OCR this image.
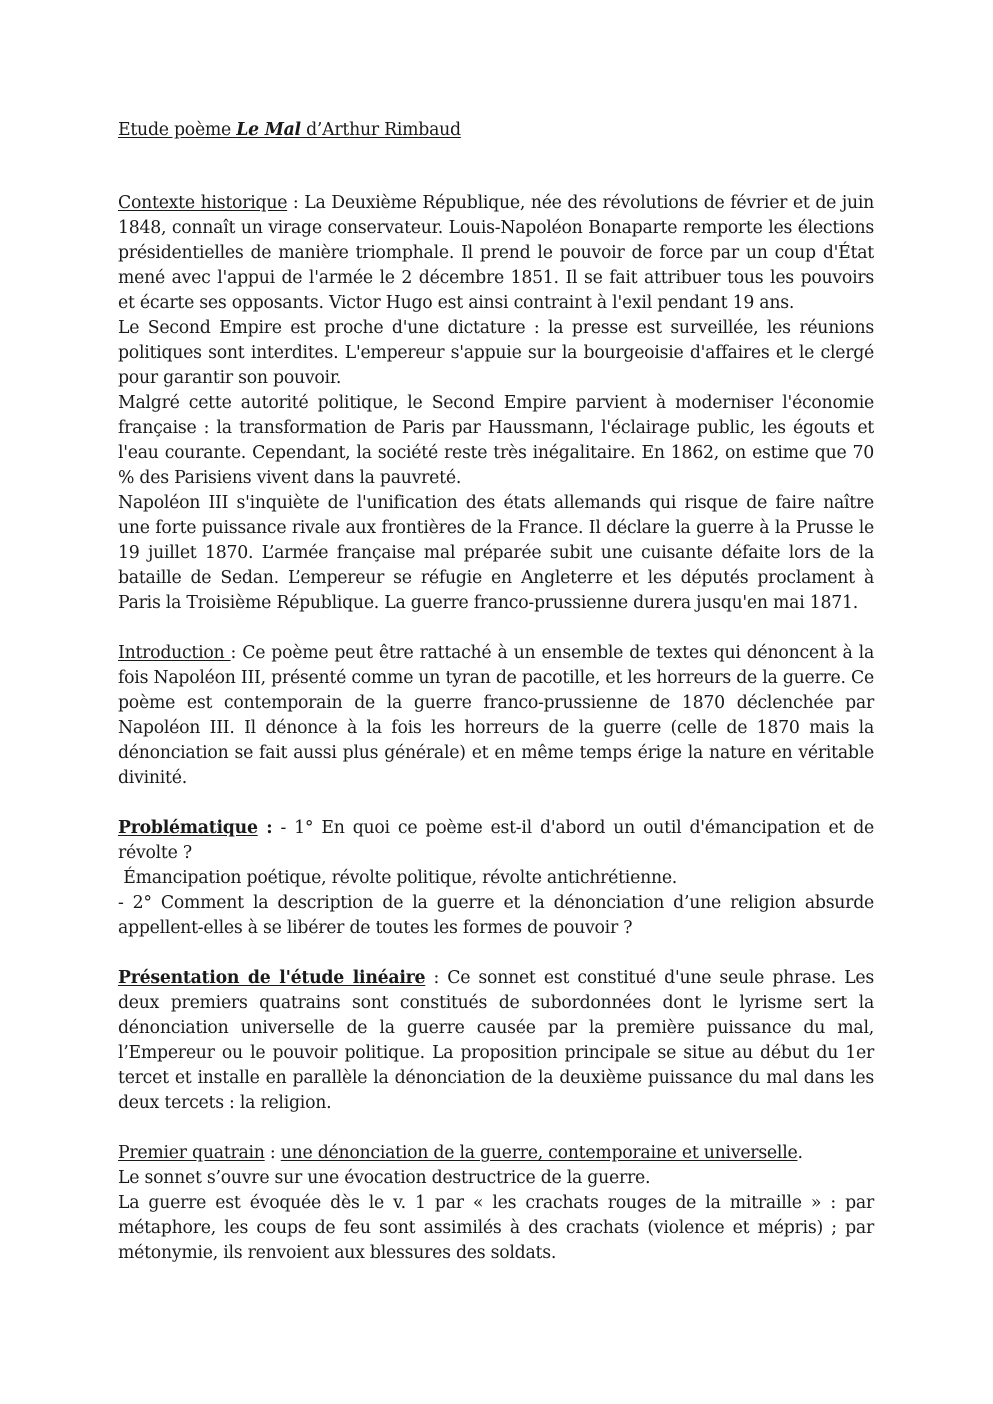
Etude poème Le Mal d’Arthur Rimbaud

Contexte historique : La Deuxième République, née des révolutions de février et de juin 1848, connaît un virage conservateur. Louis-Napoléon Bonaparte remporte les élections présidentielles de manière triomphale. Il prend le pouvoir de force par un coup d'État mené avec l'appui de l'armée le 2 décembre 1851. Il se fait attribuer tous les pouvoirs et écarte ses opposants. Victor Hugo est ainsi contraint à l'exil pendant 19 ans.

Le Second Empire est proche d'une dictature : la presse est surveillée, les réunions politiques sont interdites. L'empereur s'appuie sur la bourgeoisie d'affaires et le clergé pour garantir son pouvoir.

Malgré cette autorité politique, le Second Empire parvient à moderniser l'économie française : la transformation de Paris par Haussmann, l'éclairage public, les égouts et l'eau courante. Cependant, la société reste très inégalitaire. En 1862, on estime que 70 % des Parisiens vivent dans la pauvreté.

Napoléon III s'inquiète de l'unification des états allemands qui risque de faire naître une forte puissance rivale aux frontières de la France. Il déclare la guerre à la Prusse le 19 juillet 1870. L’armée française mal préparée subit une cuisante défaite lors de la bataille de Sedan. L’empereur se réfugie en Angleterre et les députés proclament à Paris la Troisième République. La guerre franco-prussienne durera jusqu'en mai 1871.

Introduction : Ce poème peut être rattaché à un ensemble de textes qui dénoncent à la fois Napoléon III, présenté comme un tyran de pacotille, et les horreurs de la guerre. Ce poème est contemporain de la guerre franco-prussienne de 1870 déclenchée par Napoléon III. Il dénonce à la fois les horreurs de la guerre (celle de 1870 mais la dénonciation se fait aussi plus générale) et en même temps érige la nature en véritable divinité.

Problématique : - 1° En quoi ce poème est-il d'abord un outil d'émancipation et de révolte ?

Émancipation poétique, révolte politique, révolte antichrétienne.

- 2° Comment la description de la guerre et la dénonciation d’une religion absurde appellent-elles à se libérer de toutes les formes de pouvoir ?

Présentation de l'étude linéaire : Ce sonnet est constitué d'une seule phrase. Les deux premiers quatrains sont constitués de subordonnées dont le lyrisme sert la dénonciation universelle de la guerre causée par la première puissance du mal, l’Empereur ou le pouvoir politique. La proposition principale se situe au début du 1er tercet et installe en parallèle la dénonciation de la deuxième puissance du mal dans les deux tercets : la religion.

Premier quatrain : une dénonciation de la guerre, contemporaine et universelle.

Le sonnet s’ouvre sur une évocation destructrice de la guerre.

La guerre est évoquée dès le v. 1 par « les crachats rouges de la mitraille » : par métaphore, les coups de feu sont assimilés à des crachats (violence et mépris) ; par métonymie, ils renvoient aux blessures des soldats.
